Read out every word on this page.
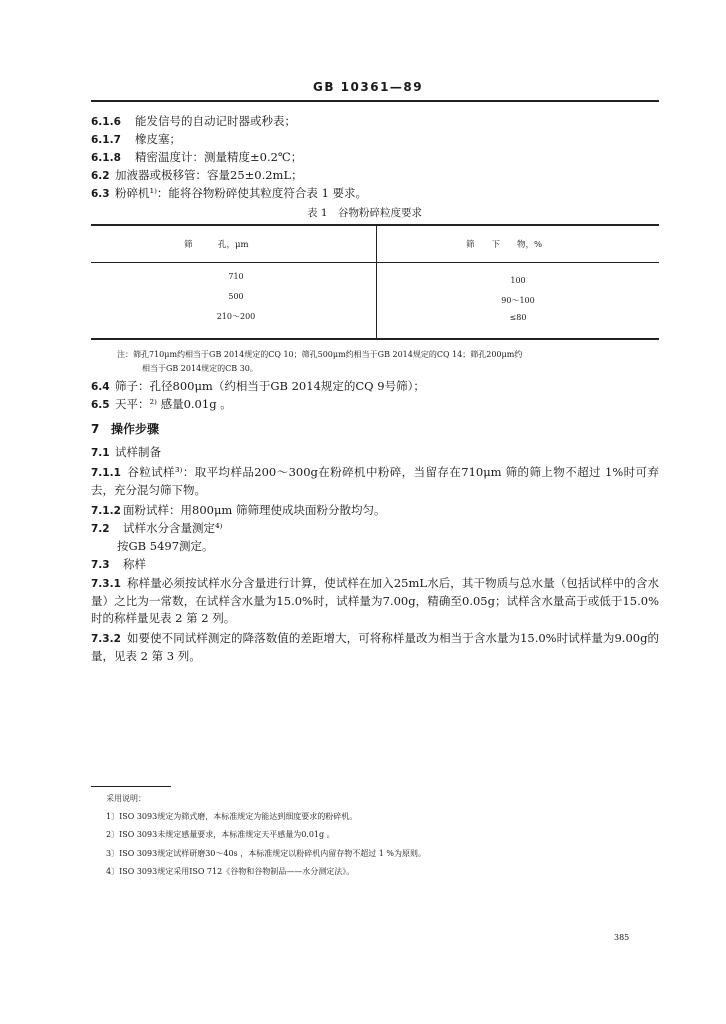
GB 10361—89
6.1.6 能发信号的自动记时器或秒表；
6.1.7 橡皮塞；
6.1.8 精密温度计：测量精度±0.2℃；
6.2 加液器或极移管：容量25±0.2mL；
6.3 粉碎机¹⁾：能将谷物粉碎使其粒度符合表 1 要求。
表 1　谷物粉碎粒度要求
筛　　　孔，μm	筛　　下　　物，%
710
500
210～200
100
90～100
≤80
注：筛孔710μm约相当于GB 2014规定的CQ 10；筛孔500μm约相当于GB 2014规定的CQ 14；筛孔200μm约
相当于GB 2014规定的CB 30。
6.4 筛子：孔径800μm（约相当于GB 2014规定的CQ 9号筛）；
6.5 天平：²⁾ 感量0.01g 。
7 操作步骤
7.1 试样制备
7.1.1 谷粒试样³⁾：取平均样品200～300g在粉碎机中粉碎，当留存在710μm 筛的筛上物不超过 1%时可弃去，充分混匀筛下物。
7.1.2 面粉试样：用800μm 筛筛理使成块面粉分散均匀。
7.2 试样水分含量测定⁴⁾
按GB 5497测定。
7.3 称样
7.3.1 称样量必须按试样水分含量进行计算，使试样在加入25mL水后，其干物质与总水量（包括试样中的含水量）之比为一常数，在试样含水量为15.0%时，试样量为7.00g，精确至0.05g；试样含水量高于或低于15.0%时的称样量见表 2 第 2 列。
7.3.2 如要使不同试样测定的降落数值的差距增大，可将称样量改为相当于含水量为15.0%时试样量为9.00g的量，见表 2 第 3 列。
采用说明：
1〕ISO 3093规定为筛式磨，本标准规定为能达到细度要求的粉碎机。
2〕ISO 3093未规定感量要求，本标准规定天平感量为0.01g 。
3〕ISO 3093规定试样研磨30～40s ，本标准规定以粉碎机内留存物不超过 1 %为原则。
4〕ISO 3093规定采用ISO 712《谷物和谷物制品——水分测定法》。
385
